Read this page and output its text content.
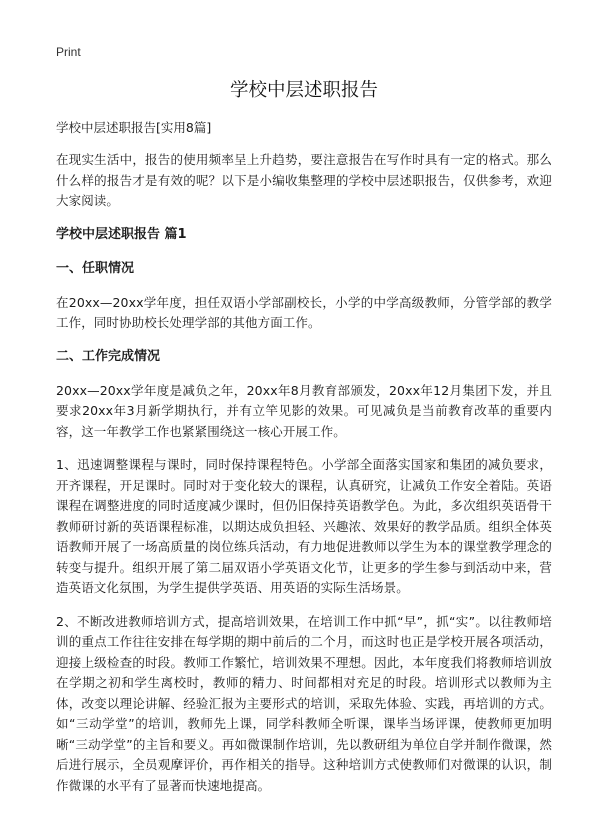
Print
学校中层述职报告
学校中层述职报告[实用8篇]

在现实生活中，报告的使用频率呈上升趋势，要注意报告在写作时具有一定的格式。那么什么样的报告才是有效的呢？以下是小编收集整理的学校中层述职报告，仅供参考，欢迎大家阅读。

学校中层述职报告 篇1
一、任职情况

在20xx—20xx学年度，担任双语小学部副校长，小学的中学高级教师，分管学部的教学工作，同时协助校长处理学部的其他方面工作。

二、工作完成情况

20xx—20xx学年度是减负之年，20xx年8月教育部颁发，20xx年12月集团下发，并且要求20xx年3月新学期执行，并有立竿见影的效果。可见减负是当前教育改革的重要内容，这一年教学工作也紧紧围绕这一核心开展工作。

1、迅速调整课程与课时，同时保持课程特色。小学部全面落实国家和集团的减负要求，开齐课程，开足课时。同时对于变化较大的课程，认真研究，让减负工作安全着陆。英语课程在调整进度的同时适度减少课时，但仍旧保持英语教学色。为此，多次组织英语骨干教师研讨新的英语课程标准，以期达成负担轻、兴趣浓、效果好的教学品质。组织全体英语教师开展了一场高质量的岗位练兵活动，有力地促进教师以学生为本的课堂教学理念的转变与提升。组织开展了第二届双语小学英语文化节，让更多的学生参与到活动中来，营造英语文化氛围，为学生提供学英语、用英语的实际生活场景。

2、不断改进教师培训方式，提高培训效果，在培训工作中抓“早”，抓“实”。以往教师培训的重点工作往往安排在每学期的期中前后的二个月，而这时也正是学校开展各项活动，迎接上级检查的时段。教师工作繁忙，培训效果不理想。因此，本年度我们将教师培训放在学期之初和学生离校时，教师的精力、时间都相对充足的时段。培训形式以教师为主体，改变以理论讲解、经验汇报为主要形式的培训，采取先体验、实践，再培训的方式。如“三动学堂”的培训，教师先上课，同学科教师全听课，课毕当场评课，使教师更加明晰“三动学堂”的主旨和要义。再如微课制作培训，先以教研组为单位自学并制作微课，然后进行展示，全员观摩评价，再作相关的指导。这种培训方式使教师们对微课的认识，制作微课的水平有了显著而快速地提高。
